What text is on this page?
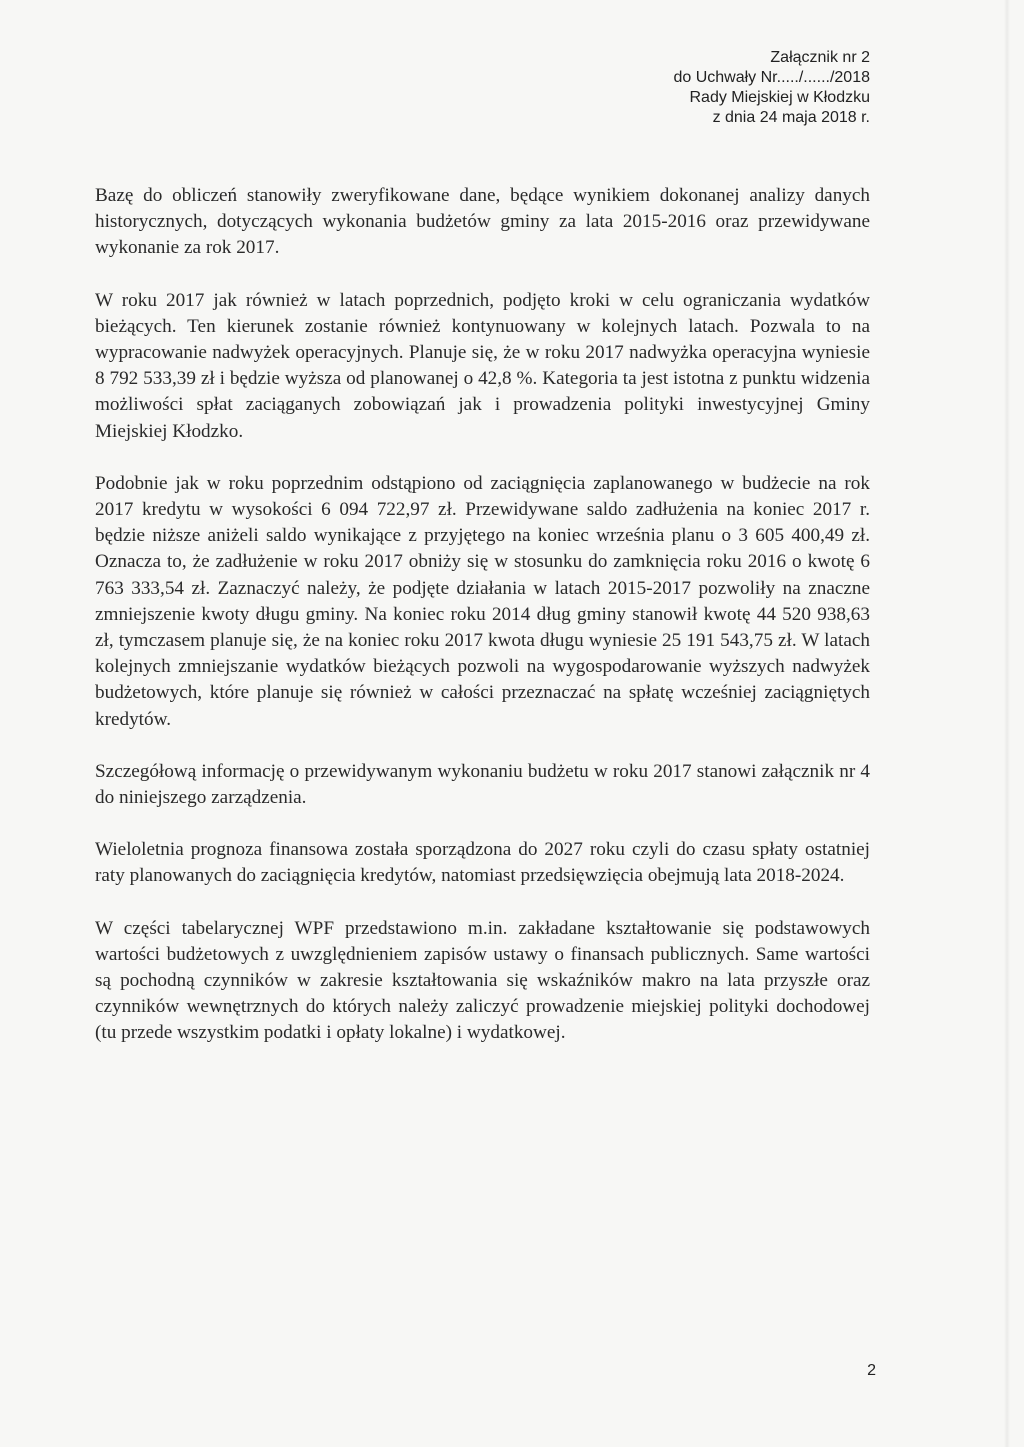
Załącznik nr 2
do Uchwały Nr...../....../2018
Rady Miejskiej w Kłodzku
z dnia 24 maja 2018 r.

Bazę do obliczeń stanowiły zweryfikowane dane, będące wynikiem dokonanej analizy danych historycznych, dotyczących wykonania budżetów gminy za lata 2015-2016 oraz przewidywane wykonanie za rok 2017.

W roku 2017 jak również w latach poprzednich, podjęto kroki w celu ograniczania wydatków bieżących. Ten kierunek zostanie również kontynuowany w kolejnych latach. Pozwala to na wypracowanie nadwyżek operacyjnych. Planuje się, że w roku 2017 nadwyżka operacyjna wyniesie 8 792 533,39 zł i będzie wyższa od planowanej o 42,8 %. Kategoria ta jest istotna z punktu widzenia możliwości spłat zaciąganych zobowiązań jak i prowadzenia polityki inwestycyjnej Gminy Miejskiej Kłodzko.

Podobnie jak w roku poprzednim odstąpiono od zaciągnięcia zaplanowanego w budżecie na rok 2017 kredytu w wysokości 6 094 722,97 zł. Przewidywane saldo zadłużenia na koniec 2017 r. będzie niższe aniżeli saldo wynikające z przyjętego na koniec września planu o 3 605 400,49 zł. Oznacza to, że zadłużenie w roku 2017 obniży się w stosunku do zamknięcia roku 2016 o kwotę 6 763 333,54 zł. Zaznaczyć należy, że podjęte działania w latach 2015-2017 pozwoliły na znaczne zmniejszenie kwoty długu gminy. Na koniec roku 2014 dług gminy stanowił kwotę 44 520 938,63 zł, tymczasem planuje się, że na koniec roku 2017 kwota długu wyniesie 25 191 543,75 zł. W latach kolejnych zmniejszanie wydatków bieżących pozwoli na wygospodarowanie wyższych nadwyżek budżetowych, które planuje się również w całości przeznaczać na spłatę wcześniej zaciągniętych kredytów.

Szczegółową informację o przewidywanym wykonaniu budżetu w roku 2017 stanowi załącznik nr 4 do niniejszego zarządzenia.

Wieloletnia prognoza finansowa została sporządzona do 2027 roku czyli do czasu spłaty ostatniej raty planowanych do zaciągnięcia kredytów, natomiast przedsięwzięcia obejmują lata 2018-2024.

W części tabelarycznej WPF przedstawiono m.in. zakładane kształtowanie się podstawowych wartości budżetowych z uwzględnieniem zapisów ustawy o finansach publicznych. Same wartości są pochodną czynników w zakresie kształtowania się wskaźników makro na lata przyszłe oraz czynników wewnętrznych do których należy zaliczyć prowadzenie miejskiej polityki dochodowej (tu przede wszystkim podatki i opłaty lokalne) i wydatkowej.

2
